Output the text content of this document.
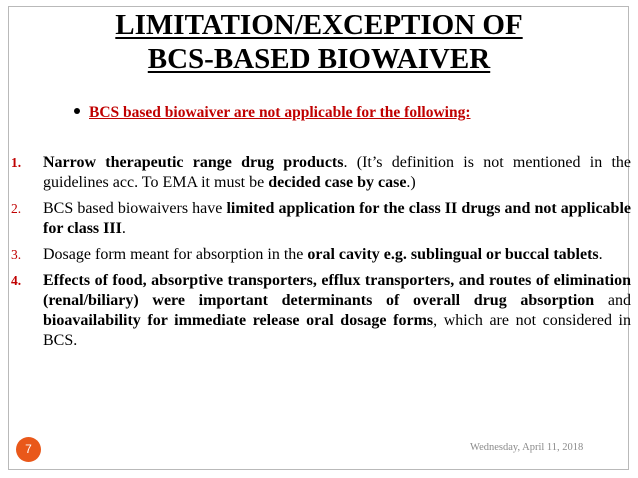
LIMITATION/EXCEPTION OF
BCS-BASED BIOWAIVER
BCS based biowaiver are not applicable for the following:
1. Narrow therapeutic range drug products. (It’s definition is not mentioned in the guidelines acc. To EMA it must be decided case by case.)
2. BCS based biowaivers have limited application for the class II drugs and not applicable for class III.
3. Dosage form meant for absorption in the oral cavity e.g. sublingual or buccal tablets.
4. Effects of food, absorptive transporters, efflux transporters, and routes of elimination (renal/biliary) were important determinants of overall drug absorption and bioavailability for immediate release oral dosage forms, which are not considered in BCS.
7	Wednesday, April 11, 2018
